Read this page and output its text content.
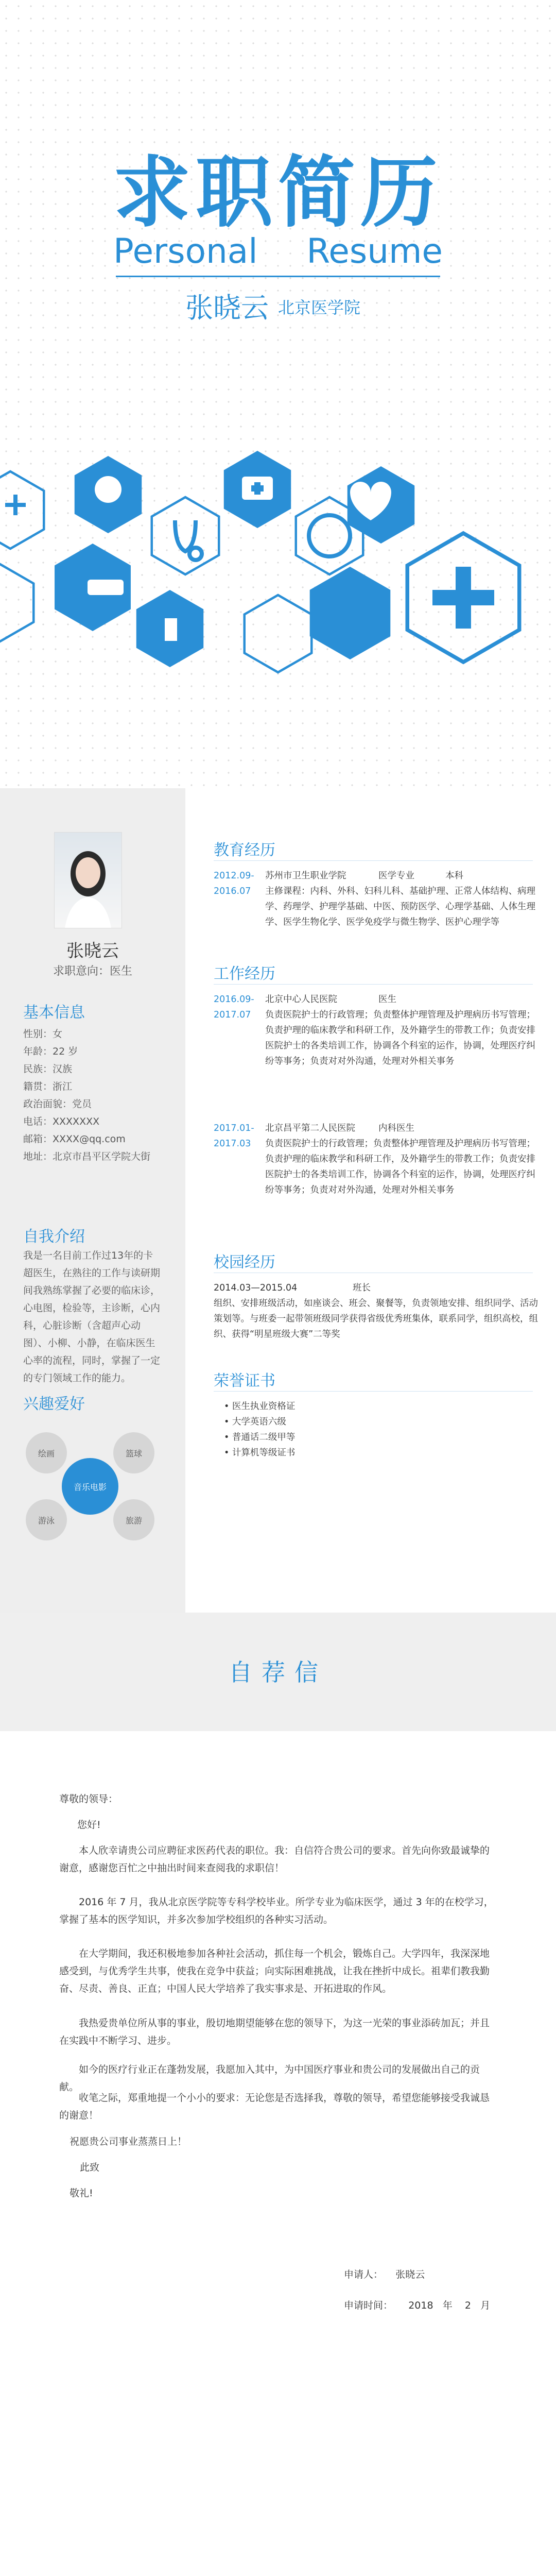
求职简历
Personal Resume
张晓云 北京医学院
张晓云
求职意向：医生
基本信息
性别：女
年龄：22 岁
民族：汉族
籍贯：浙江
政治面貌：党员
电话：XXXXXXX
邮箱：XXXX@qq.com
地址：北京市昌平区学院大街
自我介绍
我是一名目前工作过13年的卡超医生，在熟往的工作与读研期间我熟练掌握了必要的临床诊，心电图，检验等，主诊断，心内科，心脏诊断（含超声心动图）、小柳、小静，在临床医生心率的流程，同时，掌握了一定的专门领域工作的能力。
兴趣爱好
绘画	篮球
游泳	旅游
音乐电影
教育经历
2012.09- 苏州市卫生职业学院	医学专业	本科
2016.07	主修课程：内科、外科、妇科儿科、基础护理、正常人体结构、病理学、药理学、护理学基础、中医、预防医学、心理学基础、人体生理学、医学生物化学、医学免疫学与微生物学、医护心理学等
工作经历
2016.09- 北京中心人民医院	医生
2017.07	负责医院护士的行政管理；负责整体护理管理及护理病历书写管理；负责护理的临床教学和科研工作，及外籍学生的带教工作；负责安排医院护士的各类培训工作，协调各个科室的运作，协调，处理医疗纠纷等事务；负责对对外沟通，处理对外相关事务
2017.01- 北京昌平第二人民医院	内科医生
2017.03	负责医院护士的行政管理；负责整体护理管理及护理病历书写管理；负责护理的临床教学和科研工作，及外籍学生的带教工作；负责安排医院护士的各类培训工作，协调各个科室的运作，协调，处理医疗纠纷等事务；负责对对外沟通，处理对外相关事务
校园经历
2014.03—2015.04	班长
组织、安排班级活动，如座谈会、班会、聚餐等，负责领地安排、组织同学、活动策划等。与班委一起带领班级同学获得省级优秀班集体，联系同学，组织高校，组织、获得“明星班级大赛”二等奖
荣誉证书
• 医生执业资格证
• 大学英语六级
• 普通话二级甲等
• 计算机等级证书
自荐信
尊敬的领导：
您好!
本人欣幸请贵公司应聘征求医药代表的职位。我：自信符合贵公司的要求。首先向你致最诚挚的谢意，感谢您百忙之中抽出时间来查阅我的求职信！
2016 年 7 月，我从北京医学院等专科学校毕业。所学专业为临床医学，通过 3 年的在校学习，掌握了基本的医学知识，并多次参加学校组织的各种实习活动。
在大学期间，我还积极地参加各种社会活动，抓住每一个机会，锻炼自己。大学四年，我深深地感受到，与优秀学生共事，使我在竞争中获益；向实际困难挑战，让我在挫折中成长。祖辈们教我勤奋、尽责、善良、正直；中国人民大学培养了我实事求是、开拓进取的作风。
我热爱贵单位所从事的事业，殷切地期望能够在您的领导下，为这一光荣的事业添砖加瓦；并且在实践中不断学习、进步。
如今的医疗行业正在蓬勃发展，我愿加入其中，为中国医疗事业和贵公司的发展做出自己的贡献。
收笔之际，郑重地提一个小小的要求：无论您是否选择我，尊敬的领导，希望您能够接受我诚恳的谢意！
祝愿贵公司事业蒸蒸日上！
此致
敬礼!
申请人： 张晓云
申请时间： 2018 年 2 月
